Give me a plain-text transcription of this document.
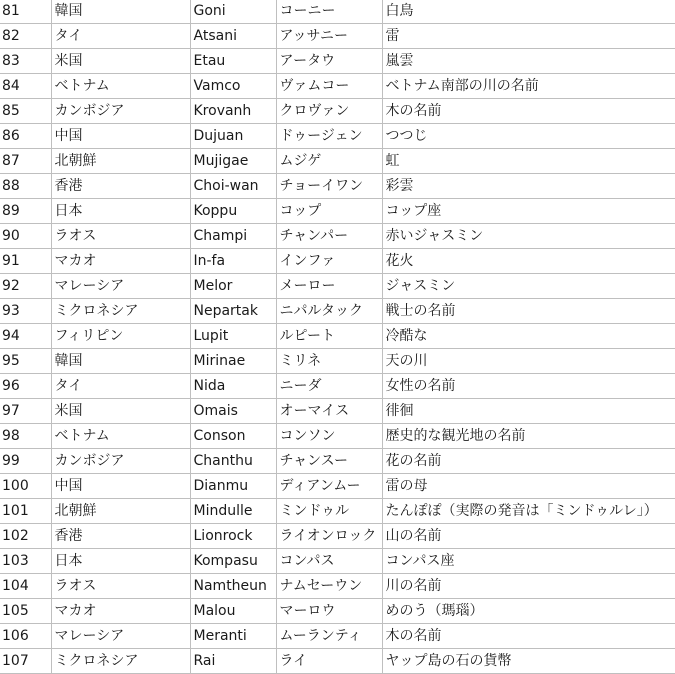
81	韓国	Goni	コーニー	白鳥
82	タイ	Atsani	アッサニー	雷
83	米国	Etau	アータウ	嵐雲
84	ベトナム	Vamco	ヴァムコー	ベトナム南部の川の名前
85	カンボジア	Krovanh	クロヴァン	木の名前
86	中国	Dujuan	ドゥージェン	つつじ
87	北朝鮮	Mujigae	ムジゲ	虹
88	香港	Choi-wan	チョーイワン	彩雲
89	日本	Koppu	コップ	コップ座
90	ラオス	Champi	チャンパー	赤いジャスミン
91	マカオ	In-fa	インファ	花火
92	マレーシア	Melor	メーロー	ジャスミン
93	ミクロネシア	Nepartak	ニパルタック	戦士の名前
94	フィリピン	Lupit	ルピート	冷酷な
95	韓国	Mirinae	ミリネ	天の川
96	タイ	Nida	ニーダ	女性の名前
97	米国	Omais	オーマイス	徘徊
98	ベトナム	Conson	コンソン	歴史的な観光地の名前
99	カンボジア	Chanthu	チャンスー	花の名前
100	中国	Dianmu	ディアンムー	雷の母
101	北朝鮮	Mindulle	ミンドゥル	たんぽぽ（実際の発音は「ミンドゥルレ」）
102	香港	Lionrock	ライオンロック	山の名前
103	日本	Kompasu	コンパス	コンパス座
104	ラオス	Namtheun	ナムセーウン	川の名前
105	マカオ	Malou	マーロウ	めのう（瑪瑙）
106	マレーシア	Meranti	ムーランティ	木の名前
107	ミクロネシア	Rai	ライ	ヤップ島の石の貨幣
